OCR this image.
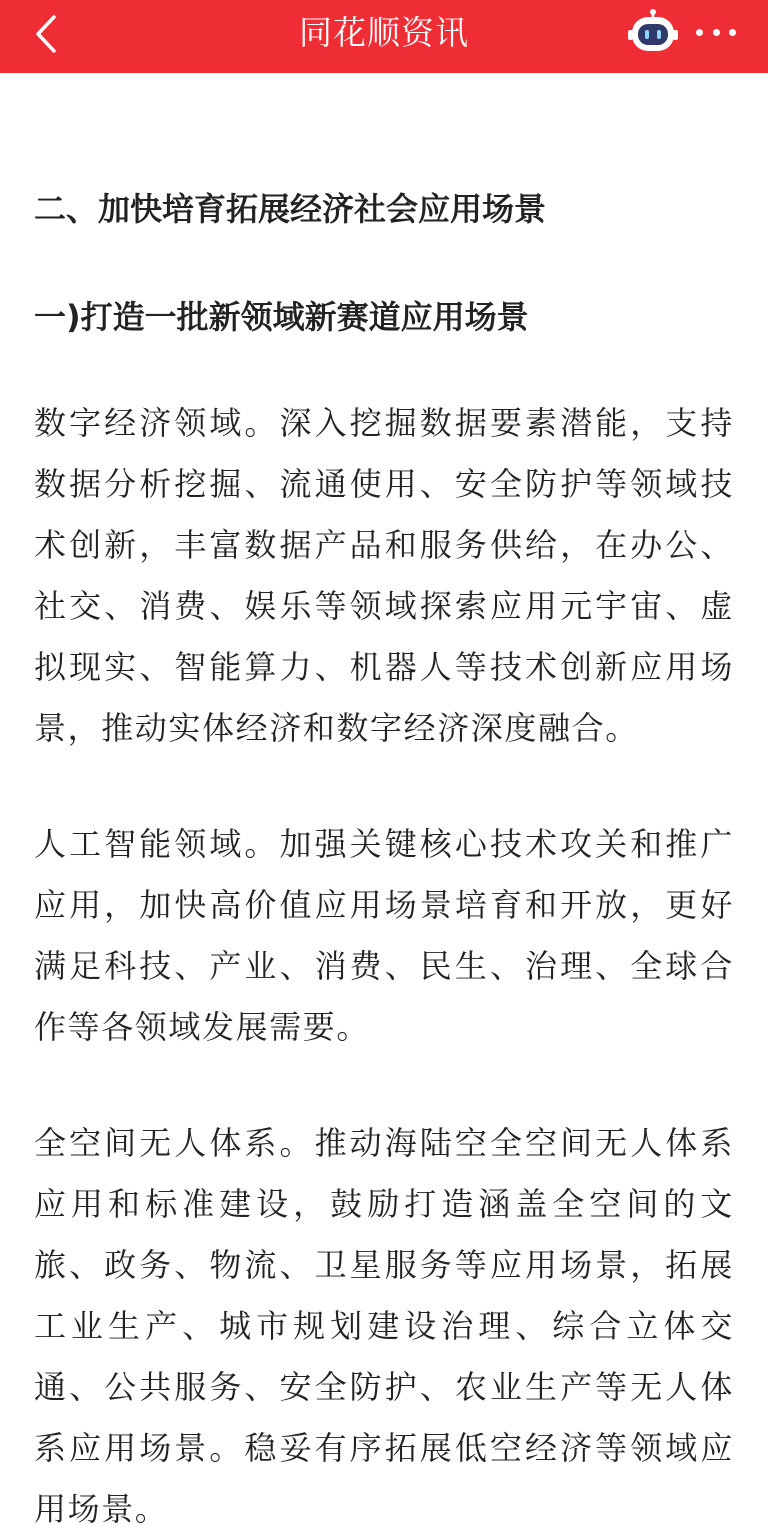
同花顺资讯

二、加快培育拓展经济社会应用场景

一)打造一批新领域新赛道应用场景

数字经济领域。深入挖掘数据要素潜能，支持数据分析挖掘、流通使用、安全防护等领域技术创新，丰富数据产品和服务供给，在办公、社交、消费、娱乐等领域探索应用元宇宙、虚拟现实、智能算力、机器人等技术创新应用场景，推动实体经济和数字经济深度融合。

人工智能领域。加强关键核心技术攻关和推广应用，加快高价值应用场景培育和开放，更好满足科技、产业、消费、民生、治理、全球合作等各领域发展需要。

全空间无人体系。推动海陆空全空间无人体系应用和标准建设，鼓励打造涵盖全空间的文旅、政务、物流、卫星服务等应用场景，拓展工业生产、城市规划建设治理、综合立体交通、公共服务、安全防护、农业生产等无人体系应用场景。稳妥有序拓展低空经济等领域应用场景。
